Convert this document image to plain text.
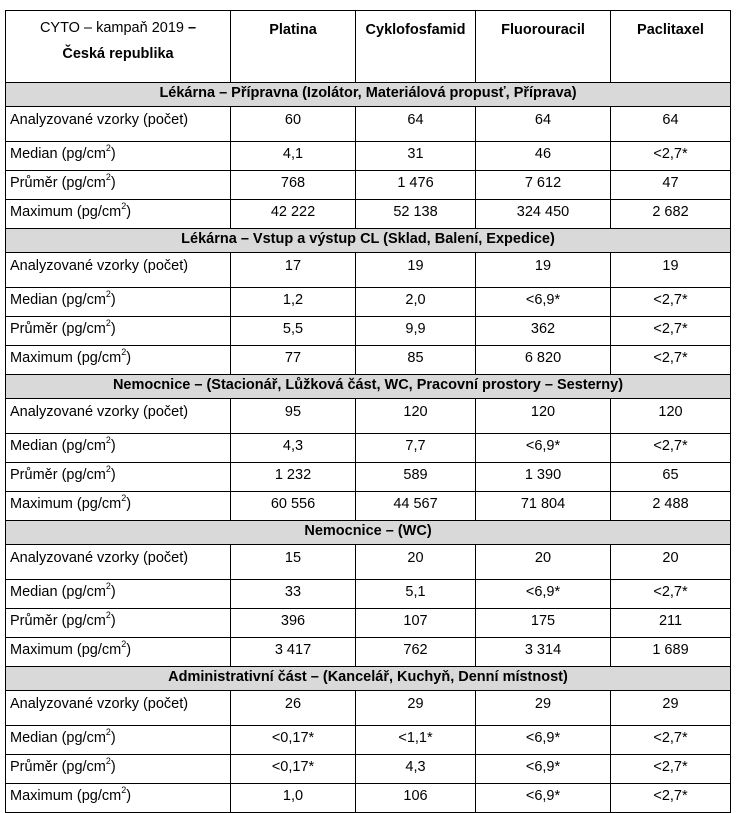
CYTO – kampaň 2019 –
Česká republika	Platina	Cyklofosfamid	Fluorouracil	Paclitaxel
Lékárna – Přípravna (Izolátor, Materiálová propusť, Příprava)				
Analyzované vzorky (počet)	60	64	64	64
Median $(pg/cm^2)$	4,1	31	46	<2,7*
Průměr $(pg/cm^2)$	768	1 476	7 612	47
Maximum $(pg/cm^2)$	42 222	52 138	324 450	2 682
Lékárna – Vstup a výstup CL (Sklad, Balení, Expedice)				
Analyzované vzorky (počet)	17	19	19	19
Median $(pg/cm^2)$	1,2	2,0	<6,9*	<2,7*
Průměr $(pg/cm^2)$	5,5	9,9	362	<2,7*
Maximum $(pg/cm^2)$	77	85	6 820	<2,7*
Nemocnice – (Stacionář, Lůžková část, WC, Pracovní prostory – Sesterny)				
Analyzované vzorky (počet)	95	120	120	120
Median $(pg/cm^2)$	4,3	7,7	<6,9*	<2,7*
Průměr $(pg/cm^2)$	1 232	589	1 390	65
Maximum $(pg/cm^2)$	60 556	44 567	71 804	2 488
Nemocnice – (WC)				
Analyzované vzorky (počet)	15	20	20	20
Median $(pg/cm^2)$	33	5,1	<6,9*	<2,7*
Průměr $(pg/cm^2)$	396	107	175	211
Maximum $(pg/cm^2)$	3 417	762	3 314	1 689
Administrativní část – (Kancelář, Kuchyň, Denní místnost)				
Analyzované vzorky (počet)	26	29	29	29
Median $(pg/cm^2)$	<0,17*	<1,1*	<6,9*	<2,7*
Průměr $(pg/cm^2)$	<0,17*	4,3	<6,9*	<2,7*
Maximum $(pg/cm^2)$	1,0	106	<6,9*	<2,7*
